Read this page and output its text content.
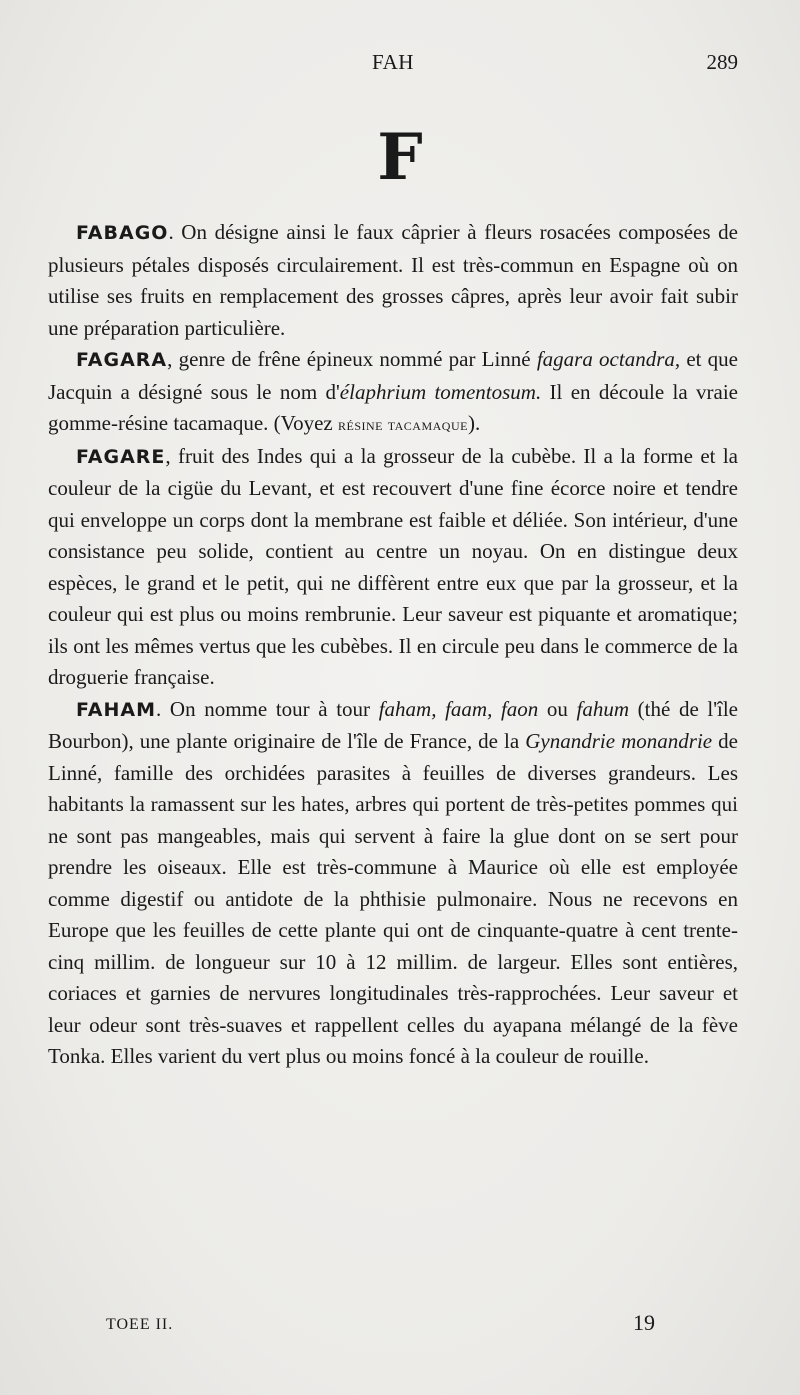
FAH	289
F

FABAGO. On désigne ainsi le faux câprier à fleurs rosacées composées de plusieurs pétales disposés circulairement. Il est très-commun en Espagne où on utilise ses fruits en remplacement des grosses câpres, après leur avoir fait subir une préparation particulière.

FAGARA, genre de frêne épineux nommé par Linné fagara octandra, et que Jacquin a désigné sous le nom d'élaphrium tomentosum. Il en découle la vraie gomme-résine tacamaque. (Voyez résine tacamaque).

FAGARE, fruit des Indes qui a la grosseur de la cubèbe. Il a la forme et la couleur de la cigüe du Levant, et est recouvert d'une fine écorce noire et tendre qui enveloppe un corps dont la membrane est faible et déliée. Son intérieur, d'une consistance peu solide, contient au centre un noyau. On en distingue deux espèces, le grand et le petit, qui ne diffèrent entre eux que par la grosseur, et la couleur qui est plus ou moins rembrunie. Leur saveur est piquante et aromatique; ils ont les mêmes vertus que les cubèbes. Il en circule peu dans le commerce de la droguerie française.

FAHAM. On nomme tour à tour faham, faam, faon ou fahum (thé de l'île Bourbon), une plante originaire de l'île de France, de la Gynandrie monandrie de Linné, famille des orchidées parasites à feuilles de diverses grandeurs. Les habitants la ramassent sur les hates, arbres qui portent de très-petites pommes qui ne sont pas mangeables, mais qui servent à faire la glue dont on se sert pour prendre les oiseaux. Elle est très-commune à Maurice où elle est employée comme digestif ou antidote de la phthisie pulmonaire. Nous ne recevons en Europe que les feuilles de cette plante qui ont de cinquante-quatre à cent trente-cinq millim. de longueur sur 10 à 12 millim. de largeur. Elles sont entières, coriaces et garnies de nervures longitudinales très-rapprochées. Leur saveur et leur odeur sont très-suaves et rappellent celles du ayapana mélangé de la fève Tonka. Elles varient du vert plus ou moins foncé à la couleur de rouille.

TOEE II.	19
